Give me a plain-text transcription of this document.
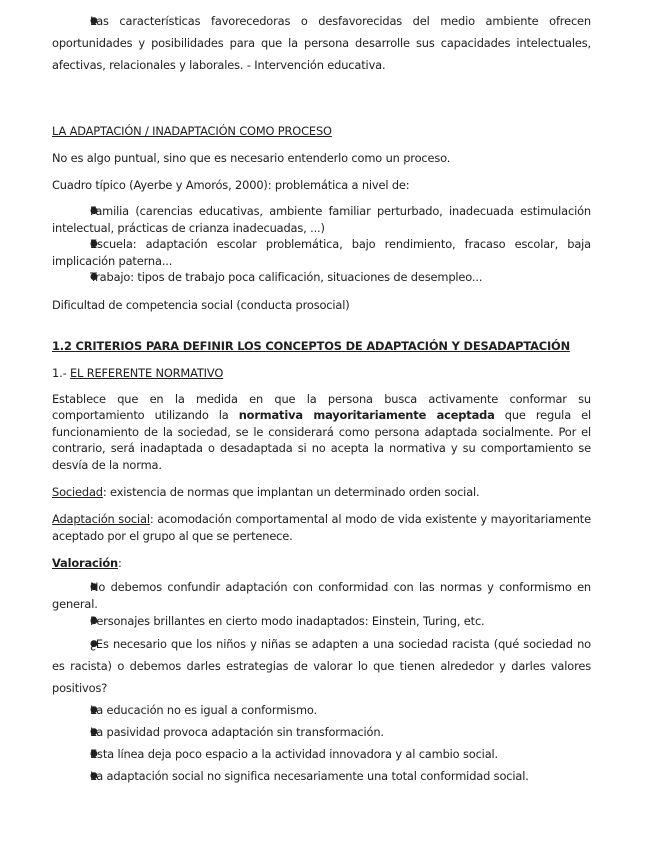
● Las características favorecedoras o desfavorecidas del medio ambiente ofrecen oportunidades y posibilidades para que la persona desarrolle sus capacidades intelectuales, afectivas, relacionales y laborales. - Intervención educativa.

LA ADAPTACIÓN / INADAPTACIÓN COMO PROCESO

No es algo puntual, sino que es necesario entenderlo como un proceso.

Cuadro típico (Ayerbe y Amorós, 2000): problemática a nivel de:

● Familia (carencias educativas, ambiente familiar perturbado, inadecuada estimulación intelectual, prácticas de crianza inadecuadas, ...)

● Escuela: adaptación escolar problemática, bajo rendimiento, fracaso escolar, baja implicación paterna...

● Trabajo: tipos de trabajo poca calificación, situaciones de desempleo...

Dificultad de competencia social (conducta prosocial)

1.2 CRITERIOS PARA DEFINIR LOS CONCEPTOS DE ADAPTACIÓN Y DESADAPTACIÓN

1.- EL REFERENTE NORMATIVO

Establece que en la medida en que la persona busca activamente conformar su comportamiento utilizando la normativa mayoritariamente aceptada que regula el funcionamiento de la sociedad, se le considerará como persona adaptada socialmente. Por el contrario, será inadaptada o desadaptada si no acepta la normativa y su comportamiento se desvía de la norma.

Sociedad: existencia de normas que implantan un determinado orden social.

Adaptación social: acomodación comportamental al modo de vida existente y mayoritariamente aceptado por el grupo al que se pertenece.

Valoración:

● No debemos confundir adaptación con conformidad con las normas y conformismo en general.

● Personajes brillantes en cierto modo inadaptados: Einstein, Turing, etc.

● ¿Es necesario que los niños y niñas se adapten a una sociedad racista (qué sociedad no es racista) o debemos darles estrategias de valorar lo que tienen alrededor y darles valores positivos?

● La educación no es igual a conformismo.

● La pasividad provoca adaptación sin transformación.

● Esta línea deja poco espacio a la actividad innovadora y al cambio social.

● La adaptación social no significa necesariamente una total conformidad social.
